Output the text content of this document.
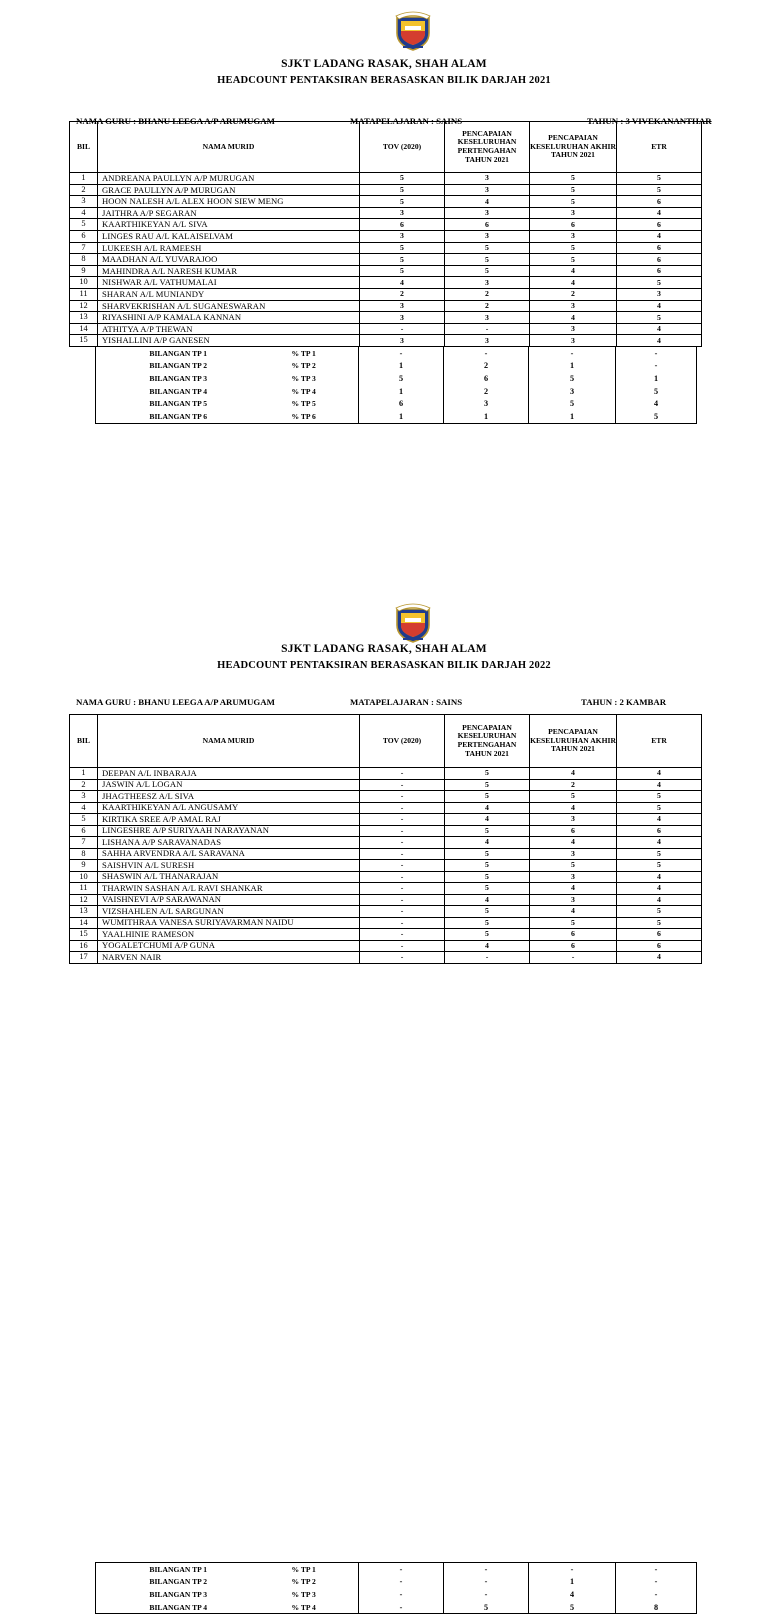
SJKT LADANG RASAK, SHAH ALAM
HEADCOUNT PENTAKSIRAN BERASASKAN BILIK DARJAH 2021
NAMA GURU : BHANU LEEGA A/P ARUMUGAM	MATAPELAJARAN : SAINS	TAHUN : 3 VIVEKANANTHAR
BIL	NAMA MURID	TOV (2020)	PENCAPAIAN KESELURUHAN PERTENGAHAN TAHUN 2021	PENCAPAIAN KESELURUHAN AKHIR TAHUN 2021	ETR
1	ANDREANA PAULLYN A/P MURUGAN	5	3	5	5
2	GRACE PAULLYN A/P MURUGAN	5	3	5	5
3	HOON NALESH A/L ALEX HOON SIEW MENG	5	4	5	6
4	JAITHRA A/P SEGARAN	3	3	3	4
5	KAARTHIKEYAN A/L SIVA	6	6	6	6
6	LINGES RAU A/L KALAISELVAM	3	3	3	4
7	LUKEESH A/L RAMEESH	5	5	5	6
8	MAADHAN A/L YUVARAJOO	5	5	5	6
9	MAHINDRA A/L NARESH KUMAR	5	5	4	6
10	NISHWAR A/L VATHUMALAI	4	3	4	5
11	SHARAN A/L MUNIANDY	2	2	2	3
12	SHARVEKRISHAN A/L SUGANESWARAN	3	2	3	4
13	RIYASHINI A/P KAMALA KANNAN	3	3	4	5
14	ATHITYA A/P THEWAN	-	-	3	4
15	YISHALLINI A/P GANESEN	3	3	3	4
BILANGAN TP 1	% TP 1	-	-	-	-
BILANGAN TP 2	% TP 2	1	2	1	-
BILANGAN TP 3	% TP 3	5	6	5	1
BILANGAN TP 4	% TP 4	1	2	3	5
BILANGAN TP 5	% TP 5	6	3	5	4
BILANGAN TP 6	% TP 6	1	1	1	5
SJKT LADANG RASAK, SHAH ALAM
HEADCOUNT PENTAKSIRAN BERASASKAN BILIK DARJAH 2022
NAMA GURU : BHANU LEEGA A/P ARUMUGAM	MATAPELAJARAN : SAINS	TAHUN : 2 KAMBAR
BIL	NAMA MURID	TOV (2020)	PENCAPAIAN KESELURUHAN PERTENGAHAN TAHUN 2021	PENCAPAIAN KESELURUHAN AKHIR TAHUN 2021	ETR
1	DEEPAN A/L INBARAJA	-	5	4	4
2	JASWIN A/L LOGAN	-	5	2	4
3	JHAGTHEESZ A/L SIVA	-	5	5	5
4	KAARTHIKEYAN A/L ANGUSAMY	-	4	4	5
5	KIRTIKA SREE A/P AMAL RAJ	-	4	3	4
6	LINGESHRE A/P SURIYAAH NARAYANAN	-	5	6	6
7	LISHANA A/P SARAVANADAS	-	4	4	4
8	SAHHA ARVENDRA A/L SARAVANA	-	5	3	5
9	SAISHVIN A/L SURESH	-	5	5	5
10	SHASWIN A/L THANARAJAN	-	5	3	4
11	THARWIN SASHAN A/L RAVI SHANKAR	-	5	4	4
12	VAISHNEVI A/P SARAWANAN	-	4	3	4
13	VIZSHAHLEN A/L SARGUNAN	-	5	4	5
14	WUMITHRAA VANESA SURIYAVARMAN NAIDU	-	5	5	5
15	YAALHINIE RAMESON	-	5	6	6
16	YOGALETCHUMI A/P GUNA	-	4	6	6
17	NARVEN NAIR	-	-	-	4
BILANGAN TP 1	% TP 1	-	-	-	-
BILANGAN TP 2	% TP 2	-	-	1	-
BILANGAN TP 3	% TP 3	-	-	4	-
BILANGAN TP 4	% TP 4	-	5	5	8
